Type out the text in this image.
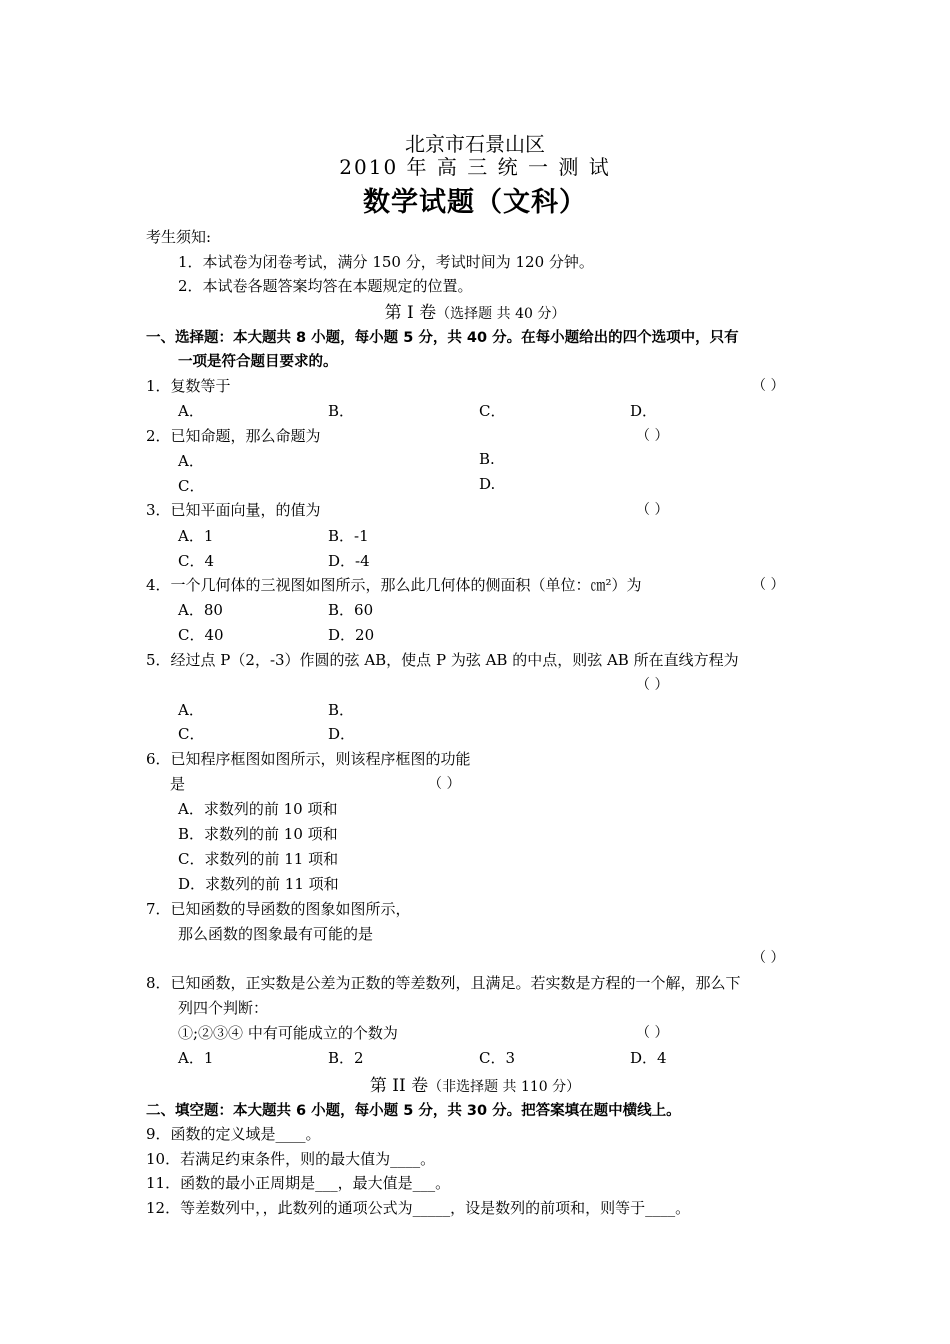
北京市石景山区
2010 年 高 三 统 一 测 试
数学试题（文科）
考生须知:
1．本试卷为闭卷考试，满分 150 分，考试时间为 120 分钟。
2．本试卷各题答案均答在本题规定的位置。
第 I 卷（选择题 共 40 分）
一、选择题：本大题共 8 小题，每小题 5 分，共 40 分。在每小题给出的四个选项中，只有
一项是符合题目要求的。
1．复数等于	（ ）
A．	B．	C．	D．
2．已知命题，那么命题为	（ ）
A．	B.
C．	D.
3．已知平面向量，的值为	（ ）
A．1	B．-1
C．4	D．-4
4．一个几何体的三视图如图所示，那么此几何体的侧面积（单位：㎝²）为	（ ）
A．80	B．60
C．40	D．20
5．经过点 P（2，-3）作圆的弦 AB，使点 P 为弦 AB 的中点，则弦 AB 所在直线方程为
（ ）
A．	B．
C．	D．
6．已知程序框图如图所示，则该程序框图的功能
是	（ ）
A．求数列的前 10 项和
B．求数列的前 10 项和
C．求数列的前 11 项和
D．求数列的前 11 项和
7．已知函数的导函数的图象如图所示，
那么函数的图象最有可能的是
（ ）
8．已知函数，正实数是公差为正数的等差数列，且满足。若实数是方程的一个解，那么下
列四个判断：
①;②③④ 中有可能成立的个数为	（ ）
A．1	B．2	C．3	D．4
第 II 卷（非选择题 共 110 分）
二、填空题：本大题共 6 小题，每小题 5 分，共 30 分。把答案填在题中横线上。
9．函数的定义域是____。
10．若满足约束条件，则的最大值为____。
11．函数的最小正周期是___，最大值是___。
12．等差数列中，，此数列的通项公式为_____，设是数列的前项和，则等于____。
